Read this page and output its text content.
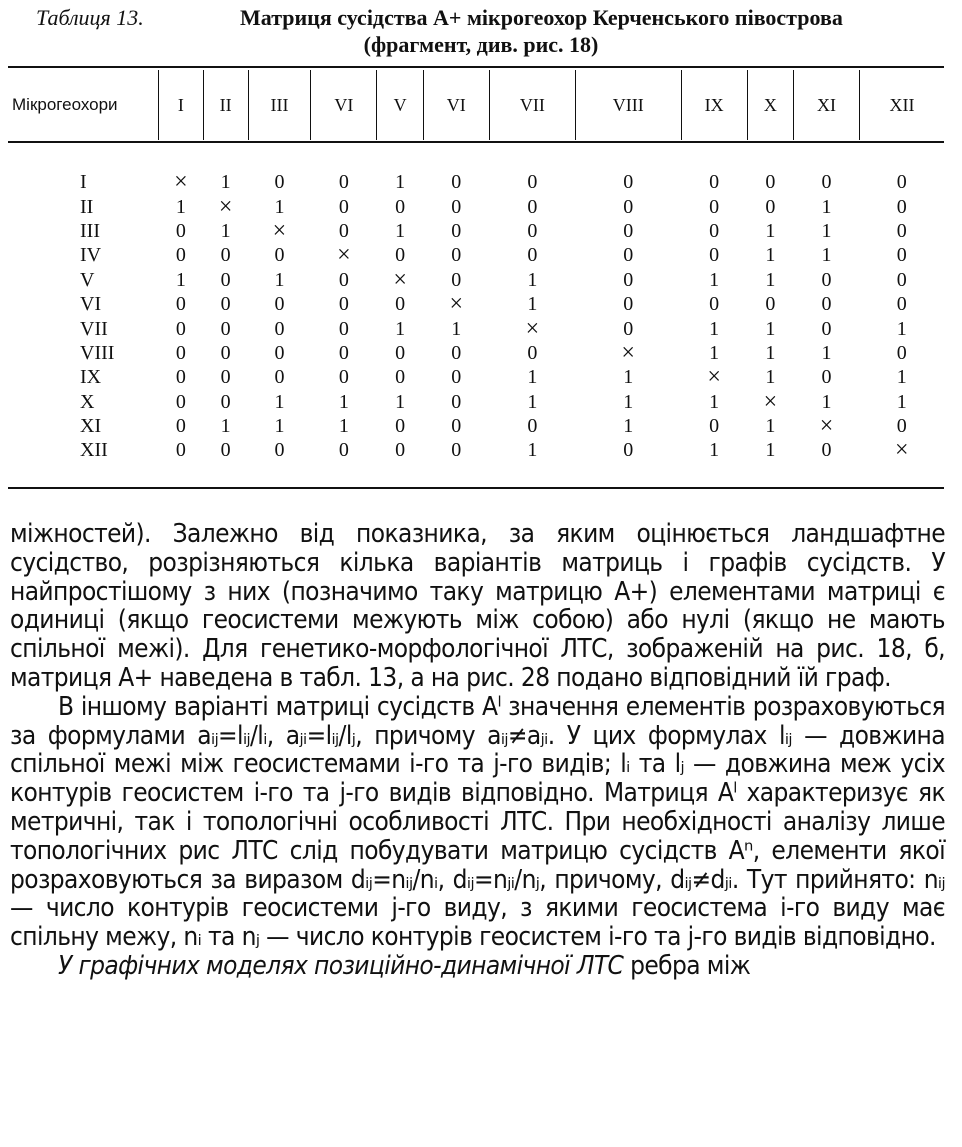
Таблиця 13.	Матриця сусідства А+ мікрогеохор Керченського півострова
(фрагмент, див. рис. 18)
Мікрогеохори	I	II	III	VI	V	VI	VII	VIII	IX	X	XI	XII

I	×	1	0	0	1	0	0	0	0	0	0	0
II	1	×	1	0	0	0	0	0	0	0	1	0
III	0	1	×	0	1	0	0	0	0	1	1	0
IV	0	0	0	×	0	0	0	0	0	1	1	0
V	1	0	1	0	×	0	1	0	1	1	0	0
VI	0	0	0	0	0	×	1	0	0	0	0	0
VII	0	0	0	0	1	1	×	0	1	1	0	1
VIII	0	0	0	0	0	0	0	×	1	1	1	0
IX	0	0	0	0	0	0	1	1	×	1	0	1
X	0	0	1	1	1	0	1	1	1	×	1	1
XI	0	1	1	1	0	0	0	1	0	1	×	0
XII	0	0	0	0	0	0	1	0	1	1	0	×

міжностей). Залежно від показника, за яким оцінюється ландшафтне сусідство, розрізняються кілька варіантів матриць і графів сусідств. У найпростішому з них (позначимо таку матрицю A+) елементами матриці є одиниці (якщо геосистеми межують між собою) або нулі (якщо не мають спільної межі). Для генетико-морфологічної ЛТС, зображеній на рис. 18, б, матриця A+ наведена в табл. 13, а на рис. 28 подано відповідний їй граф.

В іншому варіанті матриці сусідств Aˡ значення елементів розраховуються за формулами aᵢⱼ=lᵢⱼ/lᵢ, aⱼᵢ=lᵢⱼ/lⱼ, причому aᵢⱼ≠aⱼᵢ. У цих формулах lᵢⱼ — довжина спільної межі між геосистемами i-го та j-го видів; lᵢ та lⱼ — довжина меж усіх контурів геосистем i-го та j-го видів відповідно. Матриця Aˡ характеризує як метричні, так і топологічні особливості ЛТС. При необхідності аналізу лише топологічних рис ЛТС слід побудувати матрицю сусідств Aⁿ, елементи якої розраховуються за виразом dᵢⱼ=nᵢⱼ/nᵢ, dᵢⱼ=nⱼᵢ/nⱼ, причому, dᵢⱼ≠dⱼᵢ. Тут прийнято: nᵢⱼ — число контурів геосистеми j-го виду, з якими геосистема i-го виду має спільну межу, nᵢ та nⱼ — число контурів геосистем i-го та j-го видів відповідно.

У графічних моделях позиційно-динамічної ЛТС ребра між
